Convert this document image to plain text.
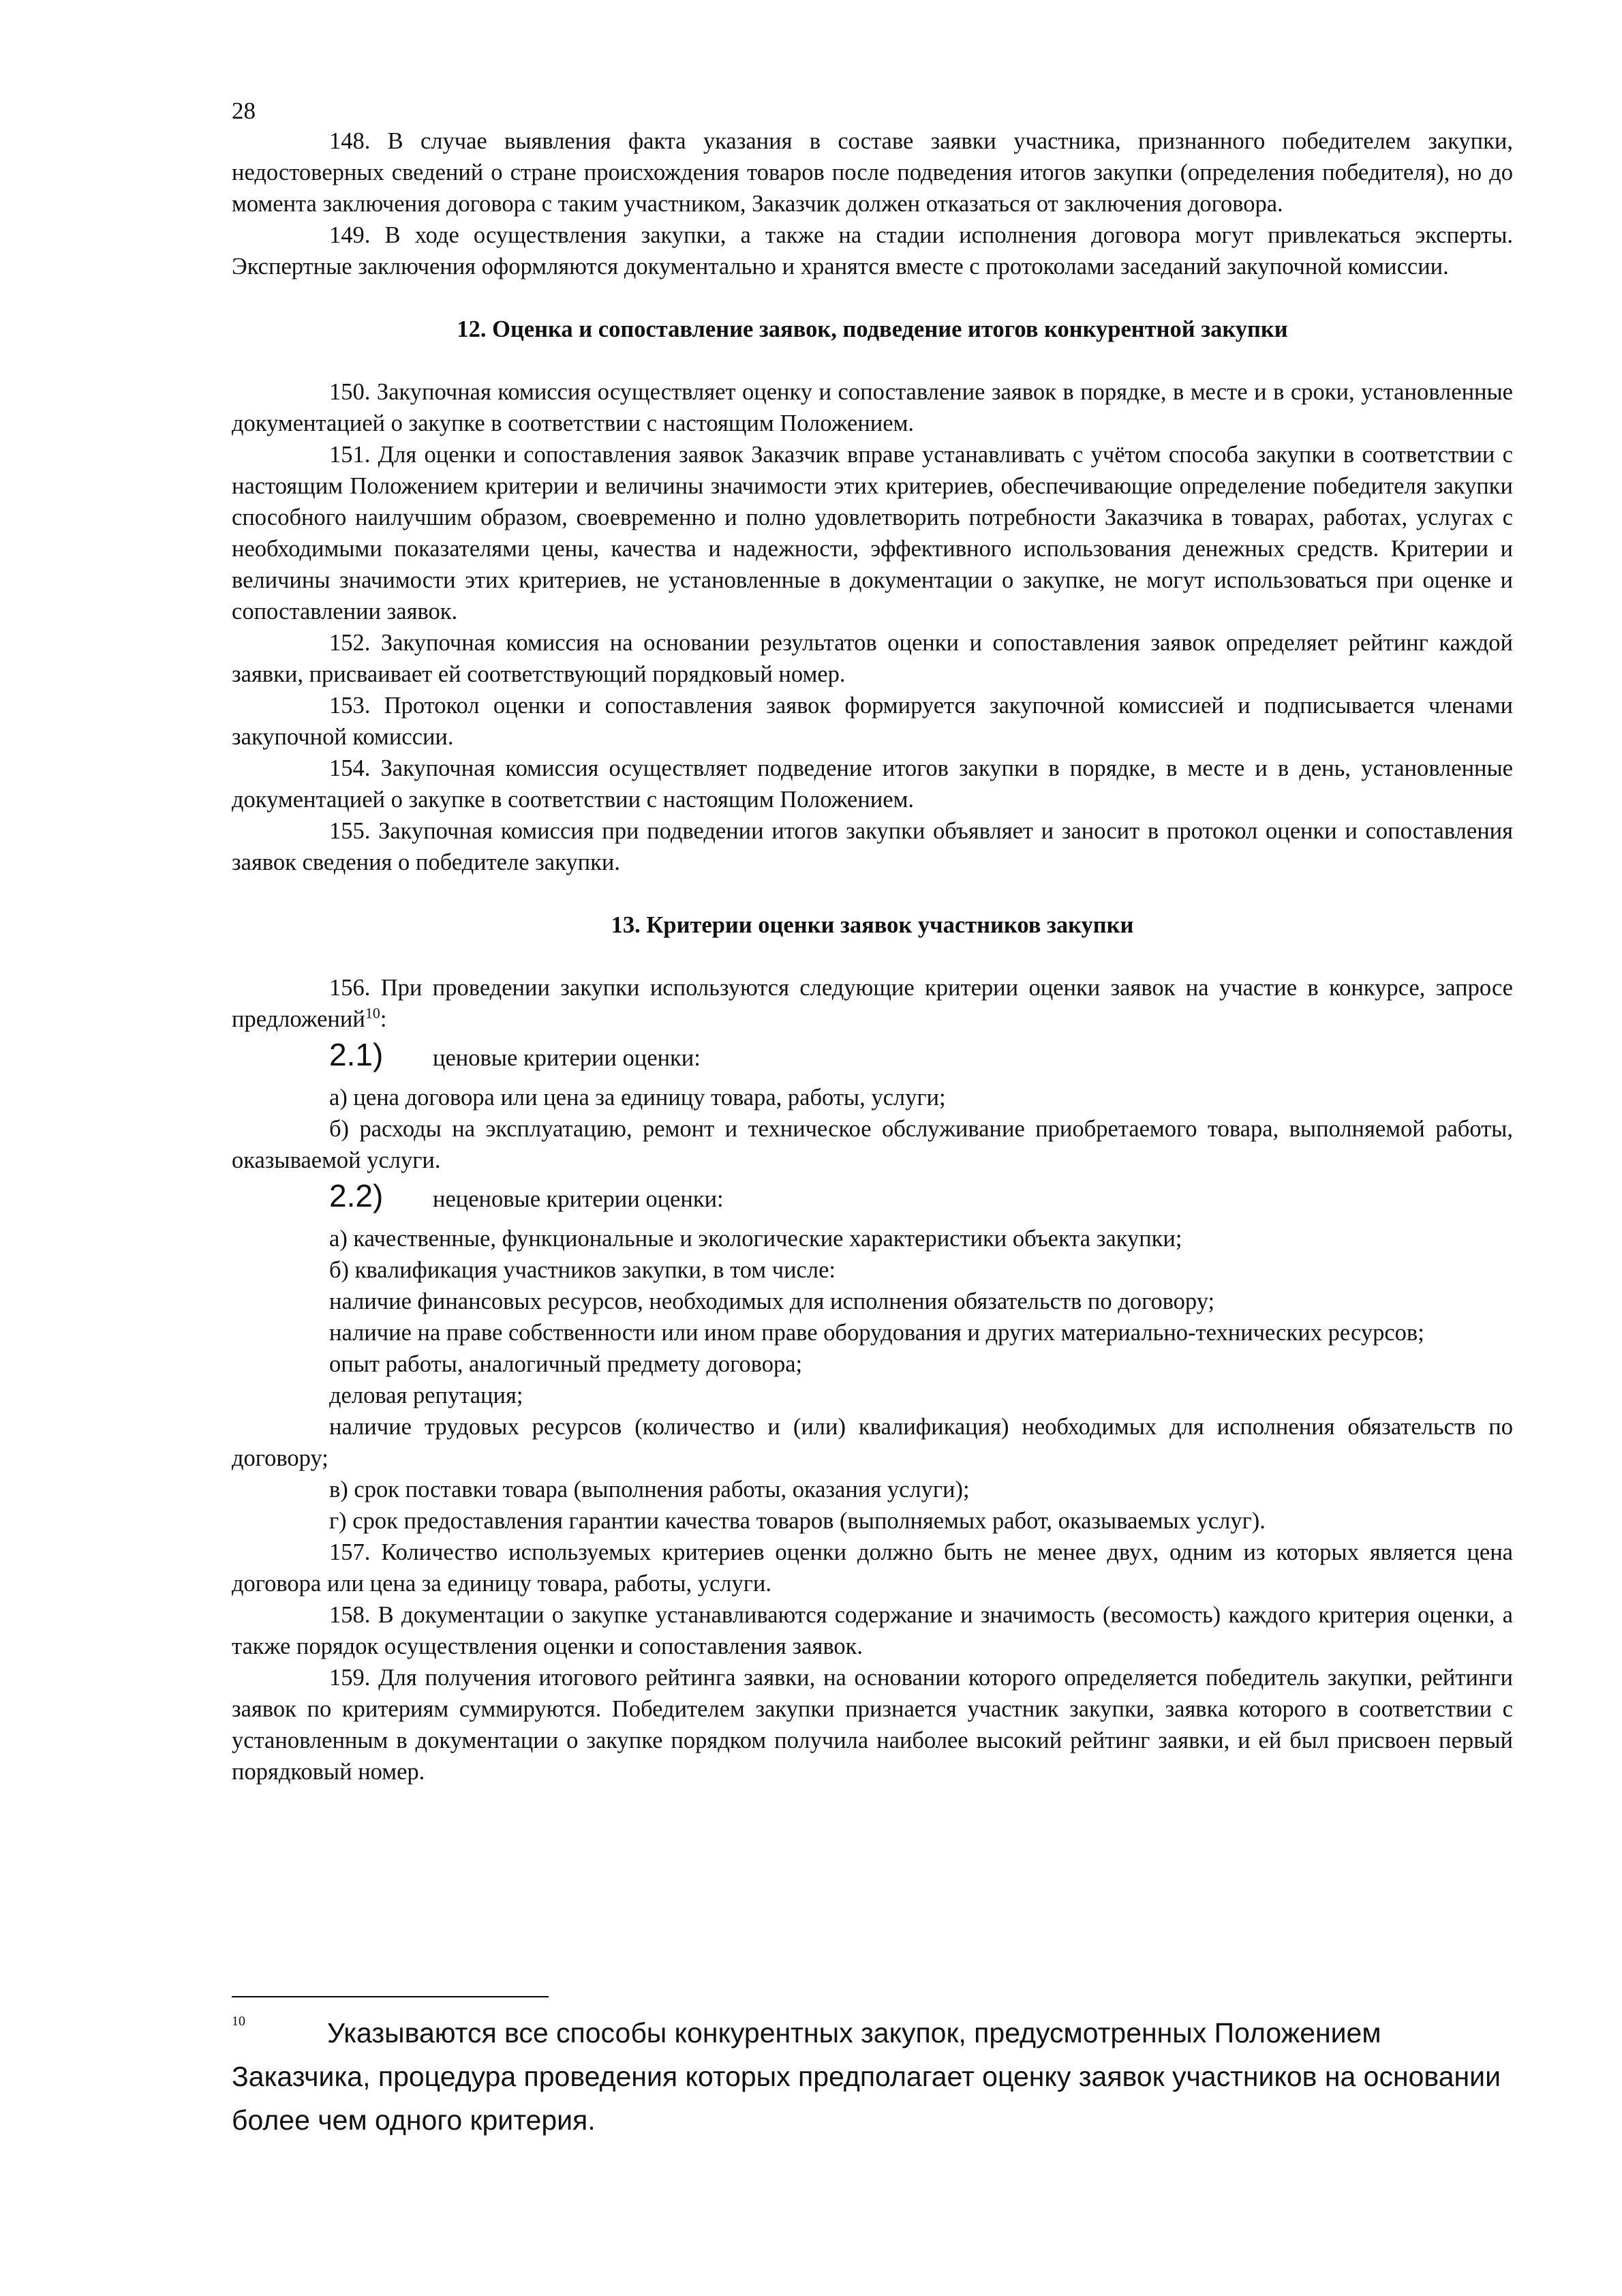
28

148. В случае выявления факта указания в составе заявки участника, признанного победителем закупки, недостоверных сведений о стране происхождения товаров после подведения итогов закупки (определения победителя), но до момента заключения договора с таким участником, Заказчик должен отказаться от заключения договора.

149. В ходе осуществления закупки, а также на стадии исполнения договора могут привлекаться эксперты. Экспертные заключения оформляются документально и хранятся вместе с протоколами заседаний закупочной комиссии.

12. Оценка и сопоставление заявок, подведение итогов конкурентной закупки

150. Закупочная комиссия осуществляет оценку и сопоставление заявок в порядке, в месте и в сроки, установленные документацией о закупке в соответствии с настоящим Положением.

151. Для оценки и сопоставления заявок Заказчик вправе устанавливать с учётом способа закупки в соответствии с настоящим Положением критерии и величины значимости этих критериев, обеспечивающие определение победителя закупки способного наилучшим образом, своевременно и полно удовлетворить потребности Заказчика в товарах, работах, услугах с необходимыми показателями цены, качества и надежности, эффективного использования денежных средств. Критерии и величины значимости этих критериев, не установленные в документации о закупке, не могут использоваться при оценке и сопоставлении заявок.

152. Закупочная комиссия на основании результатов оценки и сопоставления заявок определяет рейтинг каждой заявки, присваивает ей соответствующий порядковый номер.

153. Протокол оценки и сопоставления заявок формируется закупочной комиссией и подписывается членами закупочной комиссии.

154. Закупочная комиссия осуществляет подведение итогов закупки в порядке, в месте и в день, установленные документацией о закупке в соответствии с настоящим Положением.

155. Закупочная комиссия при подведении итогов закупки объявляет и заносит в протокол оценки и сопоставления заявок сведения о победителе закупки.

13. Критерии оценки заявок участников закупки

156. При проведении закупки используются следующие критерии оценки заявок на участие в конкурсе, запросе предложений$^{10}$:

2.1)	ценовые критерии оценки:

а) цена договора или цена за единицу товара, работы, услуги;

б) расходы на эксплуатацию, ремонт и техническое обслуживание приобретаемого товара, выполняемой работы, оказываемой услуги.

2.2)	неценовые критерии оценки:

а) качественные, функциональные и экологические характеристики объекта закупки;

б) квалификация участников закупки, в том числе:

наличие финансовых ресурсов, необходимых для исполнения обязательств по договору;

наличие на праве собственности или ином праве оборудования и других материально-технических ресурсов;

опыт работы, аналогичный предмету договора;

деловая репутация;

наличие трудовых ресурсов (количество и (или) квалификация) необходимых для исполнения обязательств по договору;

в) срок поставки товара (выполнения работы, оказания услуги);

г) срок предоставления гарантии качества товаров (выполняемых работ, оказываемых услуг).

157. Количество используемых критериев оценки должно быть не менее двух, одним из которых является цена договора или цена за единицу товара, работы, услуги.

158. В документации о закупке устанавливаются содержание и значимость (весомость) каждого критерия оценки, а также порядок осуществления оценки и сопоставления заявок.

159. Для получения итогового рейтинга заявки, на основании которого определяется победитель закупки, рейтинги заявок по критериям суммируются. Победителем закупки признается участник закупки, заявка которого в соответствии с установленным в документации о закупке порядком получила наиболее высокий рейтинг заявки, и ей был присвоен первый порядковый номер.

10	Указываются все способы конкурентных закупок, предусмотренных Положением Заказчика, процедура проведения которых предполагает оценку заявок участников на основании более чем одного критерия.
